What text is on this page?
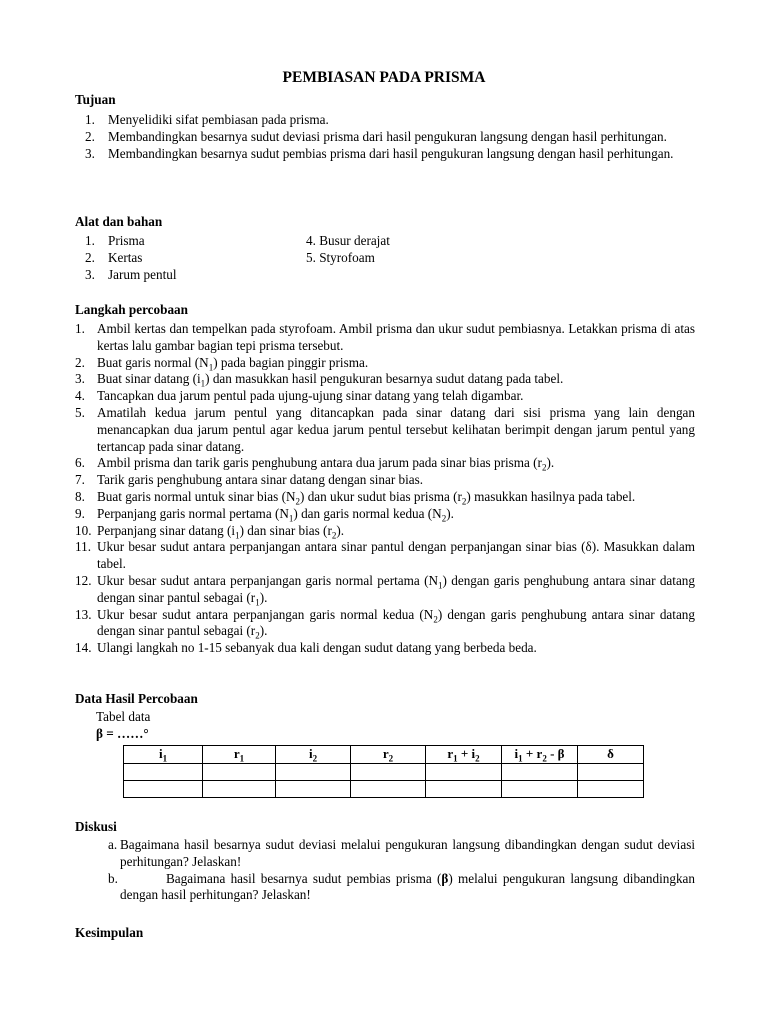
PEMBIASAN PADA PRISMA
Tujuan
1. Menyelidiki sifat pembiasan pada prisma.
2. Membandingkan besarnya sudut deviasi prisma dari hasil pengukuran langsung dengan hasil perhitungan.
3. Membandingkan besarnya sudut pembias prisma dari hasil pengukuran langsung dengan hasil perhitungan.
Alat dan bahan
1. Prisma
2. Kertas
3. Jarum pentul
4. Busur derajat
5. Styrofoam
Langkah percobaan
1. Ambil kertas dan tempelkan pada styrofoam. Ambil prisma dan ukur sudut pembiasnya. Letakkan prisma di atas kertas lalu gambar bagian tepi prisma tersebut.
2. Buat garis normal $(N_1)$ pada bagian pinggir prisma.
3. Buat sinar datang $(i_1)$ dan masukkan hasil pengukuran besarnya sudut datang pada tabel.
4. Tancapkan dua jarum pentul pada ujung-ujung sinar datang yang telah digambar.
5. Amatilah kedua jarum pentul yang ditancapkan pada sinar datang dari sisi prisma yang lain dengan menancapkan dua jarum pentul agar kedua jarum pentul tersebut kelihatan berimpit dengan jarum pentul yang tertancap pada sinar datang.
6. Ambil prisma dan tarik garis penghubung antara dua jarum pada sinar bias prisma $(r_2)$.
7. Tarik garis penghubung antara sinar datang dengan sinar bias.
8. Buat garis normal untuk sinar bias $(N_2)$ dan ukur sudut bias prisma $(r_2)$ masukkan hasilnya pada tabel.
9. Perpanjang garis normal pertama $(N_1)$ dan garis normal kedua $(N_2)$.
10. Perpanjang sinar datang $(i_1)$ dan sinar bias $(r_2)$.
11. Ukur besar sudut antara perpanjangan antara sinar pantul dengan perpanjangan sinar bias (δ). Masukkan dalam tabel.
12. Ukur besar sudut antara perpanjangan garis normal pertama $(N_1)$ dengan garis penghubung antara sinar datang dengan sinar pantul sebagai $(r_1)$.
13. Ukur besar sudut antara perpanjangan garis normal kedua $(N_2)$ dengan garis penghubung antara sinar datang dengan sinar pantul sebagai $(r_2)$.
14. Ulangi langkah no 1-15 sebanyak dua kali dengan sudut datang yang berbeda beda.
Data Hasil Percobaan
Tabel data
β = ……°
$i_1$	$r_1$	$i_2$	$r_2$	$r_1 + i_2$	$i_1 + r_2 - \beta$	δ

Diskusi
a. Bagaimana hasil besarnya sudut deviasi melalui pengukuran langsung dibandingkan dengan sudut deviasi perhitungan? Jelaskan!
b.	Bagaimana hasil besarnya sudut pembias prisma (β) melalui pengukuran langsung dibandingkan dengan hasil perhitungan? Jelaskan!
Kesimpulan
